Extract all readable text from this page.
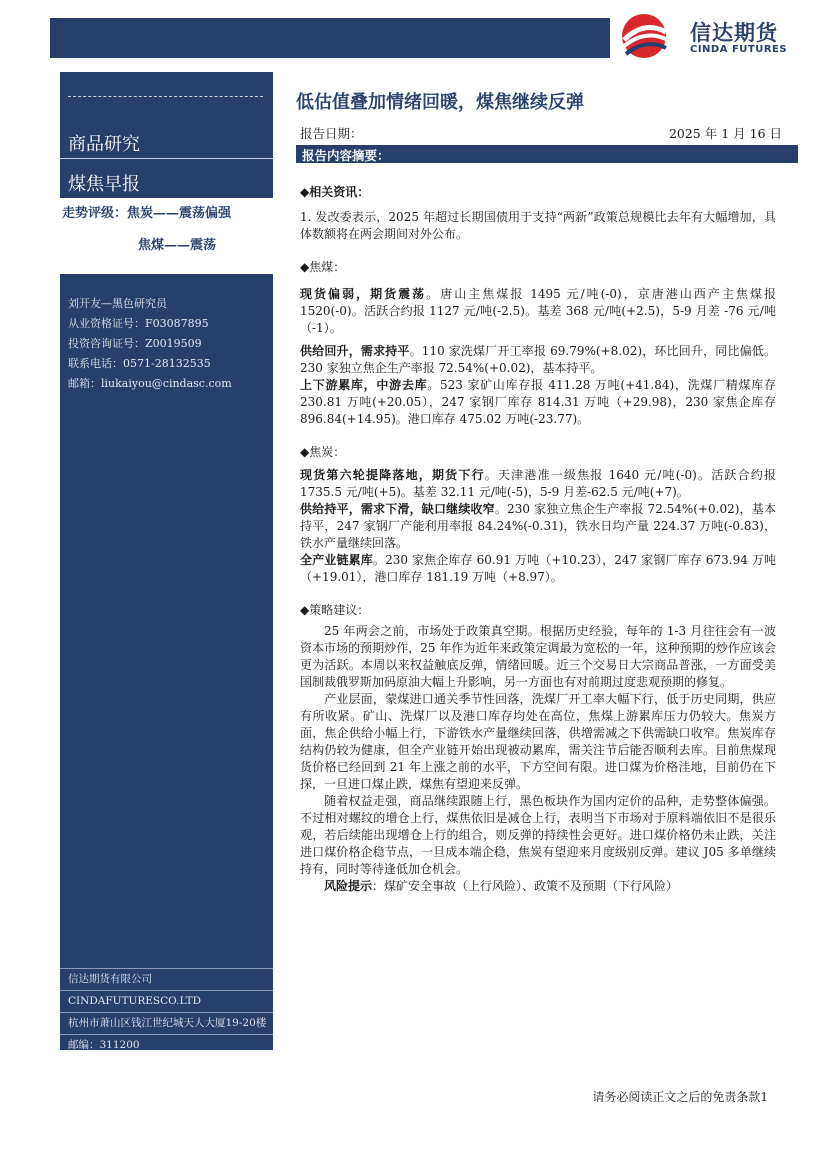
信达期货
CINDA FUTURES
商品研究
煤焦早报
走势评级：焦炭——震荡偏强
焦煤——震荡
刘开友—黑色研究员
从业资格证号：F03087895
投资咨询证号：Z0019509
联系电话：0571-28132535
邮箱：liukaiyou@cindasc.com
信达期货有限公司
CINDAFUTURESCO.LTD
杭州市萧山区钱江世纪城天人大厦19-20楼
邮编：311200
低估值叠加情绪回暖，煤焦继续反弹
报告日期：	2025 年 1 月 16 日
报告内容摘要：
◆相关资讯：

1. 发改委表示，2025 年超过长期国债用于支持“两新”政策总规模比去年有大幅增加，具体数额将在两会期间对外公布。

◆焦煤：

现货偏弱，期货震荡。唐山主焦煤报 1495 元/吨(-0)，京唐港山西产主焦煤报 1520(-0)。活跃合约报 1127 元/吨(-2.5)。基差 368 元/吨(+2.5)，5-9 月差 -76 元/吨（-1）。

供给回升，需求持平。110 家洗煤厂开工率报 69.79%(+8.02)，环比回升，同比偏低。230 家独立焦企生产率报 72.54%(+0.02)，基本持平。

上下游累库，中游去库。523 家矿山库存报 411.28 万吨(+41.84)，洗煤厂精煤库存 230.81 万吨(+20.05），247 家钢厂库存 814.31 万吨（+29.98)，230 家焦企库存 896.84(+14.95)。港口库存 475.02 万吨(-23.77)。

◆焦炭：

现货第六轮提降落地，期货下行。天津港准一级焦报 1640 元/吨(-0)。活跃合约报 1735.5 元/吨(+5)。基差 32.11 元/吨(-5)，5-9 月差-62.5 元/吨(+7)。

供给持平，需求下滑，缺口继续收窄。230 家独立焦企生产率报 72.54%(+0.02)，基本持平，247 家钢厂产能利用率报 84.24%(-0.31)，铁水日均产量 224.37 万吨(-0.83)，铁水产量继续回落。

全产业链累库。230 家焦企库存 60.91 万吨（+10.23），247 家钢厂库存 673.94 万吨（+19.01），港口库存 181.19 万吨（+8.97）。

◆策略建议：

25 年两会之前，市场处于政策真空期。根据历史经验，每年的 1-3 月往往会有一波资本市场的预期炒作，25 年作为近年来政策定调最为宽松的一年，这种预期的炒作应该会更为活跃。本周以来权益触底反弹，情绪回暖。近三个交易日大宗商品普涨，一方面受美国制裁俄罗斯加码原油大幅上升影响，另一方面也有对前期过度悲观预期的修复。

产业层面，蒙煤进口通关季节性回落，洗煤厂开工率大幅下行，低于历史同期，供应有所收紧。矿山、洗煤厂以及港口库存均处在高位，焦煤上游累库压力仍较大。焦炭方面，焦企供给小幅上行，下游铁水产量继续回落，供增需减之下供需缺口收窄。焦炭库存结构仍较为健康，但全产业链开始出现被动累库，需关注节后能否顺利去库。目前焦煤现货价格已经回到 21 年上涨之前的水平，下方空间有限。进口煤为价格洼地，目前仍在下探，一旦进口煤止跌，煤焦有望迎来反弹。

随着权益走强，商品继续跟随上行，黑色板块作为国内定价的品种，走势整体偏强。不过相对螺纹的增仓上行，煤焦依旧是减仓上行，表明当下市场对于原料端依旧不是很乐观，若后续能出现增仓上行的组合，则反弹的持续性会更好。进口煤价格仍未止跌，关注进口煤价格企稳节点，一旦成本端企稳，焦炭有望迎来月度级别反弹。建议 J05 多单继续持有，同时等待逢低加仓机会。

风险提示：煤矿安全事故（上行风险）、政策不及预期（下行风险）

请务必阅读正文之后的免责条款1
